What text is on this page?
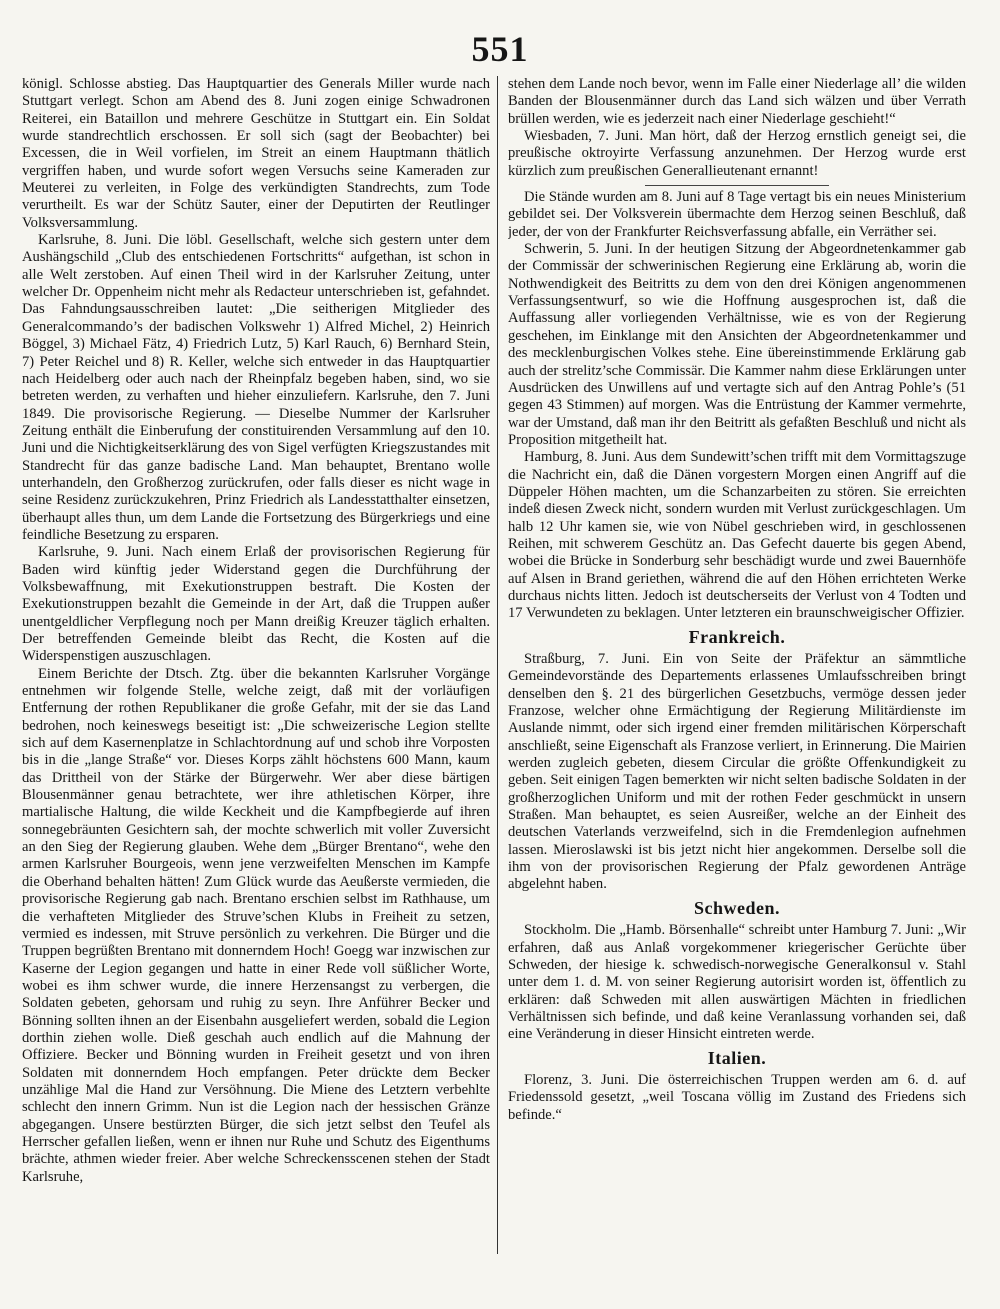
551

königl. Schlosse abstieg. Das Hauptquartier des Generals Miller wurde nach Stuttgart verlegt. Schon am Abend des 8. Juni zogen einige Schwadronen Reiterei, ein Bataillon und mehrere Geschütze in Stuttgart ein. Ein Soldat wurde standrechtlich erschossen. Er soll sich (sagt der Beobachter) bei Excessen, die in Weil vorfielen, im Streit an einem Hauptmann thätlich vergriffen haben, und wurde sofort wegen Versuchs seine Kameraden zur Meuterei zu verleiten, in Folge des verkündigten Standrechts, zum Tode verurtheilt. Es war der Schütz Sauter, einer der Deputirten der Reutlinger Volksversammlung.

Karlsruhe, 8. Juni. Die löbl. Gesellschaft, welche sich gestern unter dem Aushängschild „Club des entschiedenen Fortschritts“ aufgethan, ist schon in alle Welt zerstoben. Auf einen Theil wird in der Karlsruher Zeitung, unter welcher Dr. Oppenheim nicht mehr als Redacteur unterschrieben ist, gefahndet. Das Fahndungsausschreiben lautet: „Die seitherigen Mitglieder des Generalcommando’s der badischen Volkswehr 1) Alfred Michel, 2) Heinrich Böggel, 3) Michael Fätz, 4) Friedrich Lutz, 5) Karl Rauch, 6) Bernhard Stein, 7) Peter Reichel und 8) R. Keller, welche sich entweder in das Hauptquartier nach Heidelberg oder auch nach der Rheinpfalz begeben haben, sind, wo sie betreten werden, zu verhaften und hieher einzuliefern. Karlsruhe, den 7. Juni 1849. Die provisorische Regierung. — Dieselbe Nummer der Karlsruher Zeitung enthält die Einberufung der constituirenden Versammlung auf den 10. Juni und die Nichtigkeitserklärung des von Sigel verfügten Kriegszustandes mit Standrecht für das ganze badische Land. Man behauptet, Brentano wolle unterhandeln, den Großherzog zurückrufen, oder falls dieser es nicht wage in seine Residenz zurückzukehren, Prinz Friedrich als Landesstatthalter einsetzen, überhaupt alles thun, um dem Lande die Fortsetzung des Bürgerkriegs und eine feindliche Besetzung zu ersparen.

Karlsruhe, 9. Juni. Nach einem Erlaß der provisorischen Regierung für Baden wird künftig jeder Widerstand gegen die Durchführung der Volksbewaffnung, mit Exekutionstruppen bestraft. Die Kosten der Exekutionstruppen bezahlt die Gemeinde in der Art, daß die Truppen außer unentgeldlicher Verpflegung noch per Mann dreißig Kreuzer täglich erhalten. Der betreffenden Gemeinde bleibt das Recht, die Kosten auf die Widerspenstigen auszuschlagen.

Einem Berichte der Dtsch. Ztg. über die bekannten Karlsruher Vorgänge entnehmen wir folgende Stelle, welche zeigt, daß mit der vorläufigen Entfernung der rothen Republikaner die große Gefahr, mit der sie das Land bedrohen, noch keineswegs beseitigt ist: „Die schweizerische Legion stellte sich auf dem Kasernenplatze in Schlachtordnung auf und schob ihre Vorposten bis in die „lange Straße“ vor. Dieses Korps zählt höchstens 600 Mann, kaum das Drittheil von der Stärke der Bürgerwehr. Wer aber diese bärtigen Blousenmänner genau betrachtete, wer ihre athletischen Körper, ihre martialische Haltung, die wilde Keckheit und die Kampfbegierde auf ihren sonnegebräunten Gesichtern sah, der mochte schwerlich mit voller Zuversicht an den Sieg der Regierung glauben. Wehe dem „Bürger Brentano“, wehe den armen Karlsruher Bourgeois, wenn jene verzweifelten Menschen im Kampfe die Oberhand behalten hätten! Zum Glück wurde das Aeußerste vermieden, die provisorische Regierung gab nach. Brentano erschien selbst im Rathhause, um die verhafteten Mitglieder des Struve’schen Klubs in Freiheit zu setzen, vermied es indessen, mit Struve persönlich zu verkehren. Die Bürger und die Truppen begrüßten Brentano mit donnerndem Hoch! Goegg war inzwischen zur Kaserne der Legion gegangen und hatte in einer Rede voll süßlicher Worte, wobei es ihm schwer wurde, die innere Herzensangst zu verbergen, die Soldaten gebeten, gehorsam und ruhig zu seyn. Ihre Anführer Becker und Bönning sollten ihnen an der Eisenbahn ausgeliefert werden, sobald die Legion dorthin ziehen wolle. Dieß geschah auch endlich auf die Mahnung der Offiziere. Becker und Bönning wurden in Freiheit gesetzt und von ihren Soldaten mit donnerndem Hoch empfangen. Peter drückte dem Becker unzählige Mal die Hand zur Versöhnung. Die Miene des Letztern verbehlte schlecht den innern Grimm. Nun ist die Legion nach der hessischen Gränze abgegangen. Unsere bestürzten Bürger, die sich jetzt selbst den Teufel als Herrscher gefallen ließen, wenn er ihnen nur Ruhe und Schutz des Eigenthums brächte, athmen wieder freier. Aber welche Schreckensscenen stehen der Stadt Karlsruhe,

stehen dem Lande noch bevor, wenn im Falle einer Niederlage all’ die wilden Banden der Blousenmänner durch das Land sich wälzen und über Verrath brüllen werden, wie es jederzeit nach einer Niederlage geschieht!“

Wiesbaden, 7. Juni. Man hört, daß der Herzog ernstlich geneigt sei, die preußische oktroyirte Verfassung anzunehmen. Der Herzog wurde erst kürzlich zum preußischen Generallieutenant ernannt!

Die Stände wurden am 8. Juni auf 8 Tage vertagt bis ein neues Ministerium gebildet sei. Der Volksverein übermachte dem Herzog seinen Beschluß, daß jeder, der von der Frankfurter Reichsverfassung abfalle, ein Verräther sei.

Schwerin, 5. Juni. In der heutigen Sitzung der Abgeordnetenkammer gab der Commissär der schwerinischen Regierung eine Erklärung ab, worin die Nothwendigkeit des Beitritts zu dem von den drei Königen angenommenen Verfassungsentwurf, so wie die Hoffnung ausgesprochen ist, daß die Auffassung aller vorliegenden Verhältnisse, wie es von der Regierung geschehen, im Einklange mit den Ansichten der Abgeordnetenkammer und des mecklenburgischen Volkes stehe. Eine übereinstimmende Erklärung gab auch der strelitz’sche Commissär. Die Kammer nahm diese Erklärungen unter Ausdrücken des Unwillens auf und vertagte sich auf den Antrag Pohle’s (51 gegen 43 Stimmen) auf morgen. Was die Entrüstung der Kammer vermehrte, war der Umstand, daß man ihr den Beitritt als gefaßten Beschluß und nicht als Proposition mitgetheilt hat.

Hamburg, 8. Juni. Aus dem Sundewitt’schen trifft mit dem Vormittagszuge die Nachricht ein, daß die Dänen vorgestern Morgen einen Angriff auf die Düppeler Höhen machten, um die Schanzarbeiten zu stören. Sie erreichten indeß diesen Zweck nicht, sondern wurden mit Verlust zurückgeschlagen. Um halb 12 Uhr kamen sie, wie von Nübel geschrieben wird, in geschlossenen Reihen, mit schwerem Geschütz an. Das Gefecht dauerte bis gegen Abend, wobei die Brücke in Sonderburg sehr beschädigt wurde und zwei Bauernhöfe auf Alsen in Brand geriethen, während die auf den Höhen errichteten Werke durchaus nichts litten. Jedoch ist deutscherseits der Verlust von 4 Todten und 17 Verwundeten zu beklagen. Unter letzteren ein braunschweigischer Offizier.

Frankreich.

Straßburg, 7. Juni. Ein von Seite der Präfektur an sämmtliche Gemeindevorstände des Departements erlassenes Umlaufsschreiben bringt denselben den §. 21 des bürgerlichen Gesetzbuchs, vermöge dessen jeder Franzose, welcher ohne Ermächtigung der Regierung Militärdienste im Auslande nimmt, oder sich irgend einer fremden militärischen Körperschaft anschließt, seine Eigenschaft als Franzose verliert, in Erinnerung. Die Mairien werden zugleich gebeten, diesem Circular die größte Offenkundigkeit zu geben. Seit einigen Tagen bemerkten wir nicht selten badische Soldaten in der großherzoglichen Uniform und mit der rothen Feder geschmückt in unsern Straßen. Man behauptet, es seien Ausreißer, welche an der Einheit des deutschen Vaterlands verzweifelnd, sich in die Fremdenlegion aufnehmen lassen. Mieroslawski ist bis jetzt nicht hier angekommen. Derselbe soll die ihm von der provisorischen Regierung der Pfalz gewordenen Anträge abgelehnt haben.

Schweden.

Stockholm. Die „Hamb. Börsenhalle“ schreibt unter Hamburg 7. Juni: „Wir erfahren, daß aus Anlaß vorgekommener kriegerischer Gerüchte über Schweden, der hiesige k. schwedisch-norwegische Generalkonsul v. Stahl unter dem 1. d. M. von seiner Regierung autorisirt worden ist, öffentlich zu erklären: daß Schweden mit allen auswärtigen Mächten in friedlichen Verhältnissen sich befinde, und daß keine Veranlassung vorhanden sei, daß eine Veränderung in dieser Hinsicht eintreten werde.

Italien.

Florenz, 3. Juni. Die österreichischen Truppen werden am 6. d. auf Friedenssold gesetzt, „weil Toscana völlig im Zustand des Friedens sich befinde.“
